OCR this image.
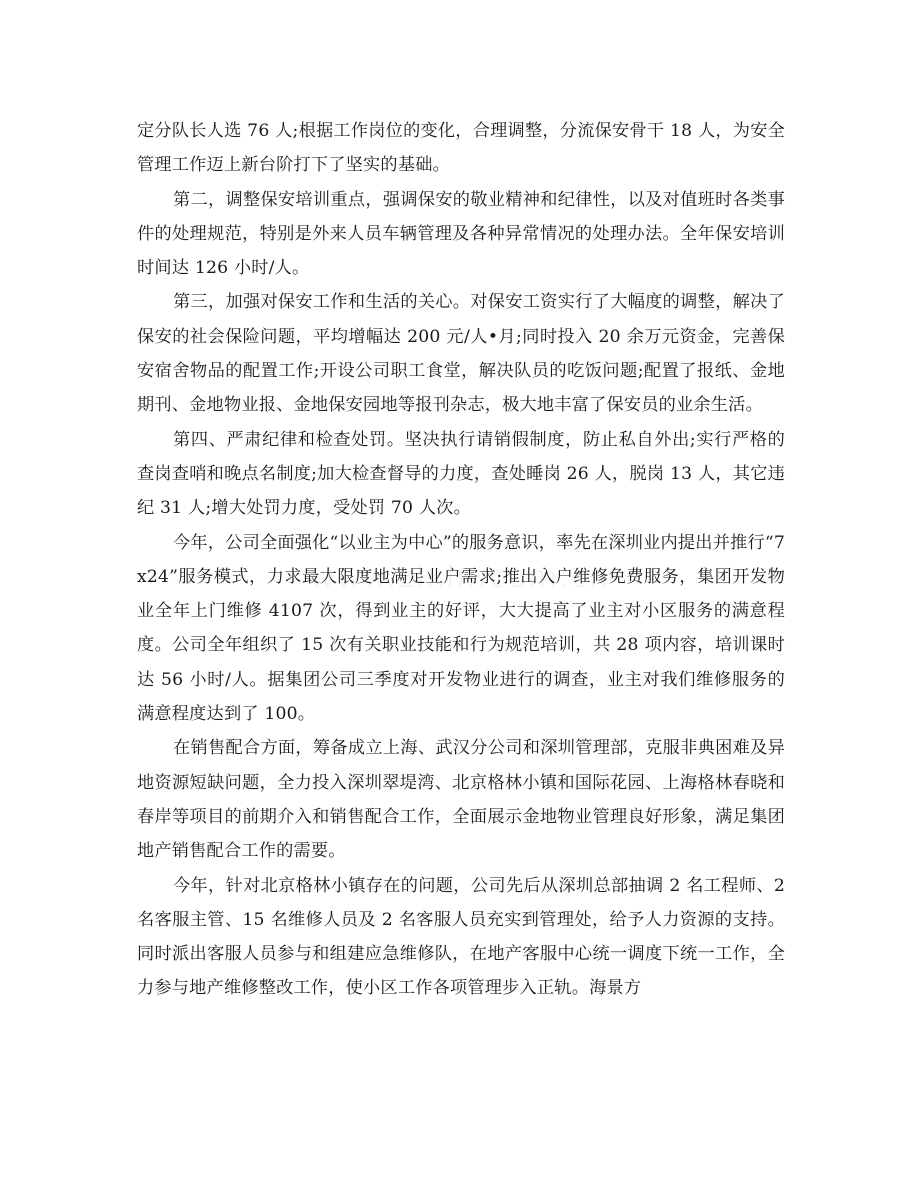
定分队长人选 76 人;根据工作岗位的变化，合理调整，分流保安骨干 18 人，为安全管理工作迈上新台阶打下了坚实的基础。

第二，调整保安培训重点，强调保安的敬业精神和纪律性，以及对值班时各类事件的处理规范，特别是外来人员车辆管理及各种异常情况的处理办法。全年保安培训时间达 126 小时/人。

第三，加强对保安工作和生活的关心。对保安工资实行了大幅度的调整，解决了保安的社会保险问题，平均增幅达 200 元/人•月;同时投入 20 余万元资金，完善保安宿舍物品的配置工作;开设公司职工食堂，解决队员的吃饭问题;配置了报纸、金地期刊、金地物业报、金地保安园地等报刊杂志，极大地丰富了保安员的业余生活。

第四、严肃纪律和检查处罚。坚决执行请销假制度，防止私自外出;实行严格的查岗查哨和晚点名制度;加大检查督导的力度，查处睡岗 26 人，脱岗 13 人，其它违纪 31 人;增大处罚力度，受处罚 70 人次。

今年，公司全面强化“以业主为中心”的服务意识，率先在深圳业内提出并推行“7x24”服务模式，力求最大限度地满足业户需求;推出入户维修免费服务，集团开发物业全年上门维修 4107 次，得到业主的好评，大大提高了业主对小区服务的满意程度。公司全年组织了 15 次有关职业技能和行为规范培训，共 28 项内容，培训课时达 56 小时/人。据集团公司三季度对开发物业进行的调查，业主对我们维修服务的满意程度达到了 100。

在销售配合方面，筹备成立上海、武汉分公司和深圳管理部，克服非典困难及异地资源短缺问题，全力投入深圳翠堤湾、北京格林小镇和国际花园、上海格林春晓和春岸等项目的前期介入和销售配合工作，全面展示金地物业管理良好形象，满足集团地产销售配合工作的需要。

今年，针对北京格林小镇存在的问题，公司先后从深圳总部抽调 2 名工程师、2 名客服主管、15 名维修人员及 2 名客服人员充实到管理处，给予人力资源的支持。同时派出客服人员参与和组建应急维修队，在地产客服中心统一调度下统一工作，全力参与地产维修整改工作，使小区工作各项管理步入正轨。海景方
